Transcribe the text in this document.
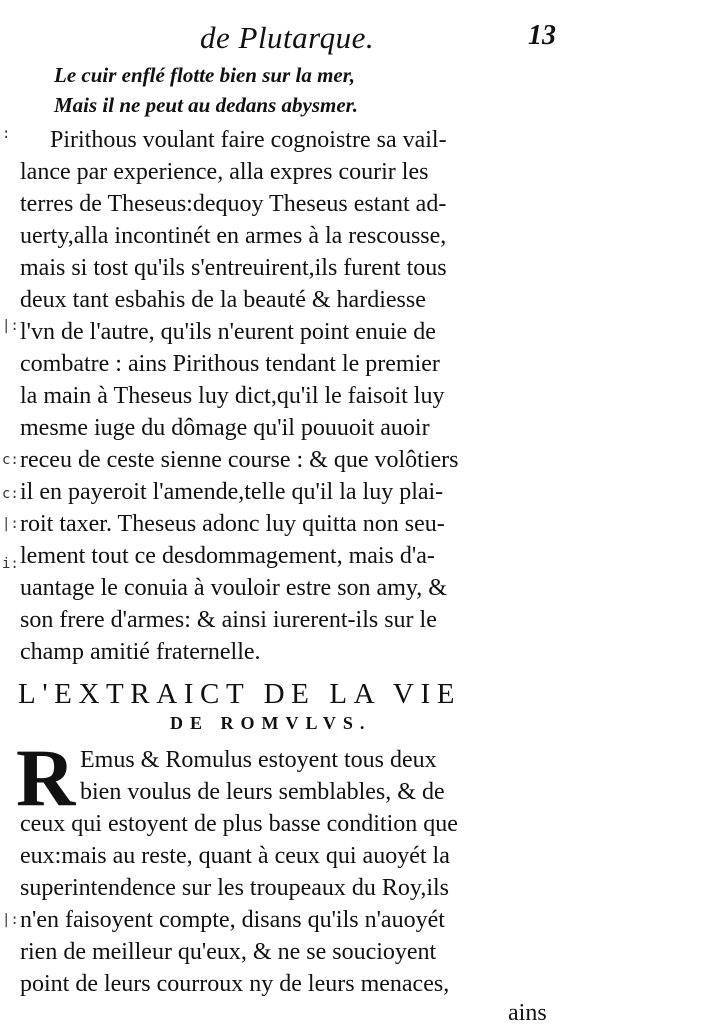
de Plutarque.	13
Le cuir enflé flotte bien sur la mer,
Mais il ne peut au dedans abysmer.
Pirithous voulant faire cognoistre sa vail-
lance par experience, alla expres courir les
terres de Theseus:dequoy Theseus estant ad-
uerty,alla incontinét en armes à la rescousse,
mais si tost qu'ils s'entreuirent,ils furent tous
deux tant esbahis de la beauté & hardiesse
l'vn de l'autre, qu'ils n'eurent point enuie de
combatre : ains Pirithous tendant le premier
la main à Theseus luy dict,qu'il le faisoit luy
mesme iuge du dômage qu'il pouuoit auoir
receu de ceste sienne course : & que volôtiers
il en payeroit l'amende,telle qu'il la luy plai-
roit taxer. Theseus adonc luy quitta non seu-
lement tout ce desdommagement, mais d'a-
uantage le conuia à vouloir estre son amy, &
son frere d'armes: & ainsi iurerent-ils sur le
champ amitié fraternelle.
L'EXTRAICT DE LA VIE
DE ROMVLVS.
R Emus & Romulus estoyent tous deux
bien voulus de leurs semblables, & de
ceux qui estoyent de plus basse condition que
eux:mais au reste, quant à ceux qui auoyét la
superintendence sur les troupeaux du Roy,ils
n'en faisoyent compte, disans qu'ils n'auoyét
rien de meilleur qu'eux, & ne se soucioyent
point de leurs courroux ny de leurs menaces,
ains
:
|:
c:
c:
|:
i:
|:
